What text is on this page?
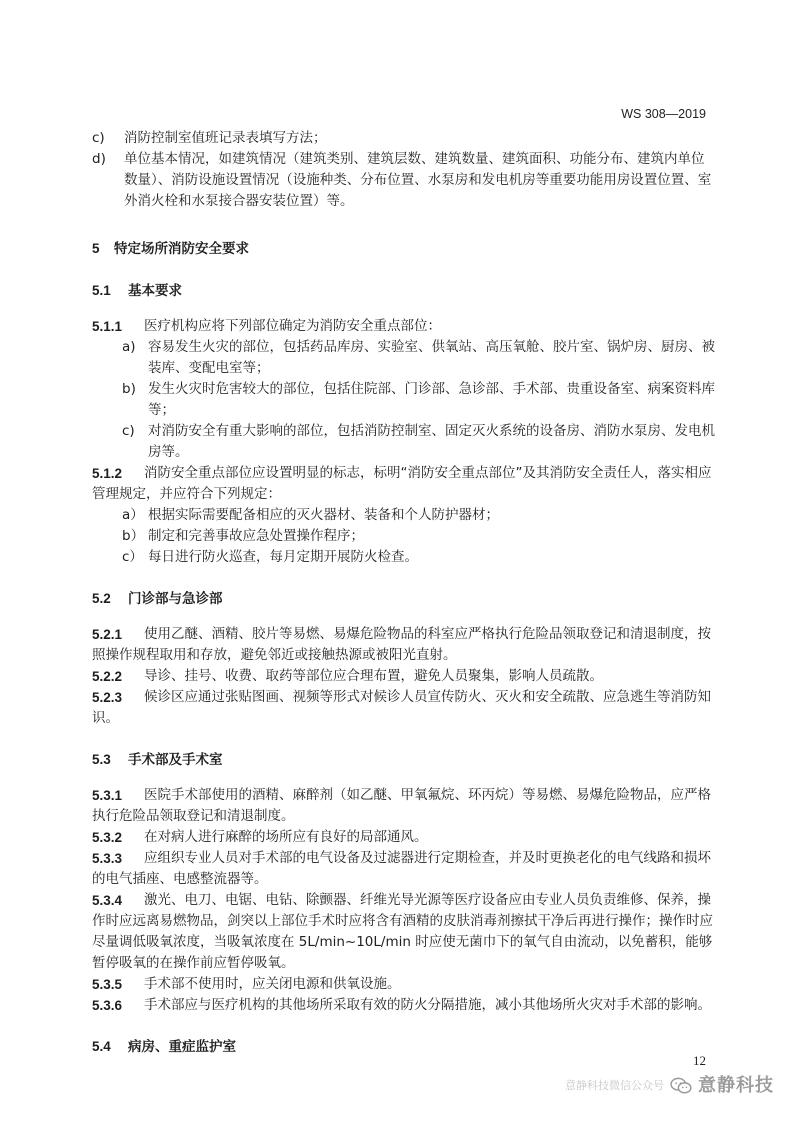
WS 308—2019
c) 消防控制室值班记录表填写方法；
d) 单位基本情况，如建筑情况（建筑类别、建筑层数、建筑数量、建筑面积、功能分布、建筑内单位数量）、消防设施设置情况（设施种类、分布位置、水泵房和发电机房等重要功能用房设置位置、室外消火栓和水泵接合器安装位置）等。
5 特定场所消防安全要求
5.1 基本要求
5.1.1 医疗机构应将下列部位确定为消防安全重点部位：
a) 容易发生火灾的部位，包括药品库房、实验室、供氧站、高压氧舱、胶片室、锅炉房、厨房、被装库、变配电室等；
b) 发生火灾时危害较大的部位，包括住院部、门诊部、急诊部、手术部、贵重设备室、病案资料库等；
c) 对消防安全有重大影响的部位，包括消防控制室、固定灭火系统的设备房、消防水泵房、发电机房等。
5.1.2 消防安全重点部位应设置明显的标志，标明“消防安全重点部位”及其消防安全责任人，落实相应管理规定，并应符合下列规定：
a） 根据实际需要配备相应的灭火器材、装备和个人防护器材；
b） 制定和完善事故应急处置操作程序；
c） 每日进行防火巡查，每月定期开展防火检查。
5.2 门诊部与急诊部
5.2.1 使用乙醚、酒精、胶片等易燃、易爆危险物品的科室应严格执行危险品领取登记和清退制度，按照操作规程取用和存放，避免邻近或接触热源或被阳光直射。
5.2.2 导诊、挂号、收费、取药等部位应合理布置，避免人员聚集，影响人员疏散。
5.2.3 候诊区应通过张贴图画、视频等形式对候诊人员宣传防火、灭火和安全疏散、应急逃生等消防知识。
5.3 手术部及手术室
5.3.1 医院手术部使用的酒精、麻醉剂（如乙醚、甲氧氟烷、环丙烷）等易燃、易爆危险物品，应严格执行危险品领取登记和清退制度。
5.3.2 在对病人进行麻醉的场所应有良好的局部通风。
5.3.3 应组织专业人员对手术部的电气设备及过滤器进行定期检查，并及时更换老化的电气线路和损坏的电气插座、电感整流器等。
5.3.4 激光、电刀、电锯、电钻、除颤器、纤维光导光源等医疗设备应由专业人员负责维修、保养，操作时应远离易燃物品，剑突以上部位手术时应将含有酒精的皮肤消毒剂擦拭干净后再进行操作；操作时应尽量调低吸氧浓度，当吸氧浓度在 5L/min~10L/min 时应使无菌巾下的氧气自由流动，以免蓄积，能够暂停吸氧的在操作前应暂停吸氧。
5.3.5 手术部不使用时，应关闭电源和供氧设施。
5.3.6 手术部应与医疗机构的其他场所采取有效的防火分隔措施，减小其他场所火灾对手术部的影响。
5.4 病房、重症监护室
12
意静科技微信公众号 意静科技
